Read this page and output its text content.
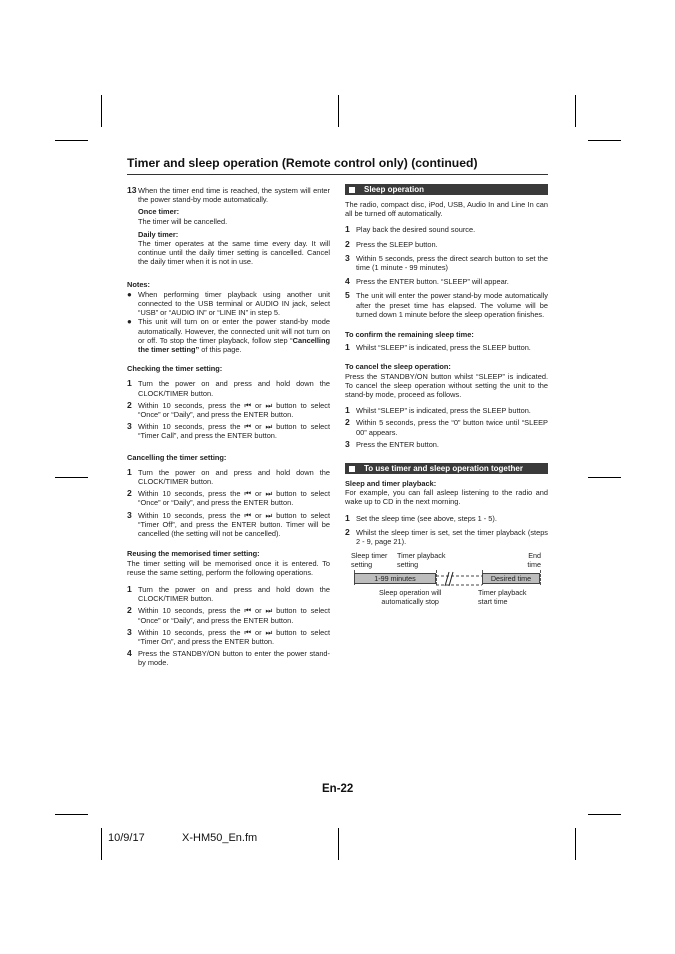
Timer and sleep operation (Remote control only) (continued)
13 When the timer end time is reached, the system will enter the power stand-by mode automatically.
Once timer:

The timer will be cancelled.

Daily timer:

The timer operates at the same time every day. It will continue until the daily timer setting is cancelled. Cancel the daily timer when it is not in use.

Notes:
● When performing timer playback using another unit connected to the USB terminal or AUDIO IN jack, select “USB” or “AUDIO IN” or “LINE IN” in step 5.
● This unit will turn on or enter the power stand-by mode automatically. However, the connected unit will not turn on or off. To stop the timer playback, follow step “Cancelling the timer setting” of this page.
Checking the timer setting:
1 Turn the power on and press and hold down the CLOCK/TIMER button.
2 Within 10 seconds, press the ⏮ or ⏭ button to select “Once” or “Daily”, and press the ENTER button.
3 Within 10 seconds, press the ⏮ or ⏭ button to select “Timer Call”, and press the ENTER button.
Cancelling the timer setting:
1 Turn the power on and press and hold down the CLOCK/TIMER button.
2 Within 10 seconds, press the ⏮ or ⏭ button to select “Once” or “Daily”, and press the ENTER button.
3 Within 10 seconds, press the ⏮ or ⏭ button to select “Timer Off”, and press the ENTER button. Timer will be cancelled (the setting will not be cancelled).
Reusing the memorised timer setting:
The timer setting will be memorised once it is entered. To reuse the same setting, perform the following operations.
1 Turn the power on and press and hold down the CLOCK/TIMER button.
2 Within 10 seconds, press the ⏮ or ⏭ button to select “Once” or “Daily”, and press the ENTER button.
3 Within 10 seconds, press the ⏮ or ⏭ button to select “Timer On”, and press the ENTER button.
4 Press the STANDBY/ON button to enter the power stand-by mode.
Sleep operation
The radio, compact disc, iPod, USB, Audio In and Line In can all be turned off automatically.
1 Play back the desired sound source.
2 Press the SLEEP button.
3 Within 5 seconds, press the direct search button to set the time (1 minute - 99 minutes)
4 Press the ENTER button. “SLEEP” will appear.
5 The unit will enter the power stand-by mode automatically after the preset time has elapsed. The volume will be turned down 1 minute before the sleep operation finishes.
To confirm the remaining sleep time:
1 Whilst “SLEEP” is indicated, press the SLEEP button.
To cancel the sleep operation:
Press the STANDBY/ON button whilst “SLEEP” is indicated. To cancel the sleep operation without setting the unit to the stand-by mode, proceed as follows.
1 Whilst “SLEEP” is indicated, press the SLEEP button.
2 Within 5 seconds, press the “0” button twice until “SLEEP 00” appears.
3 Press the ENTER button.
To use timer and sleep operation together
Sleep and timer playback:
For example, you can fall asleep listening to the radio and wake up to CD in the next morning.
1 Set the sleep time (see above, steps 1 - 5).
2 Whilst the sleep timer is set, set the timer playback (steps 2 - 9, page 21).
Sleep timer
setting
Timer playback
setting
End
time
1-99 minutes	Desired time
Sleep operation will
automatically stop
Timer playback
start time
En-22
10/9/17	X-HM50_En.fm
